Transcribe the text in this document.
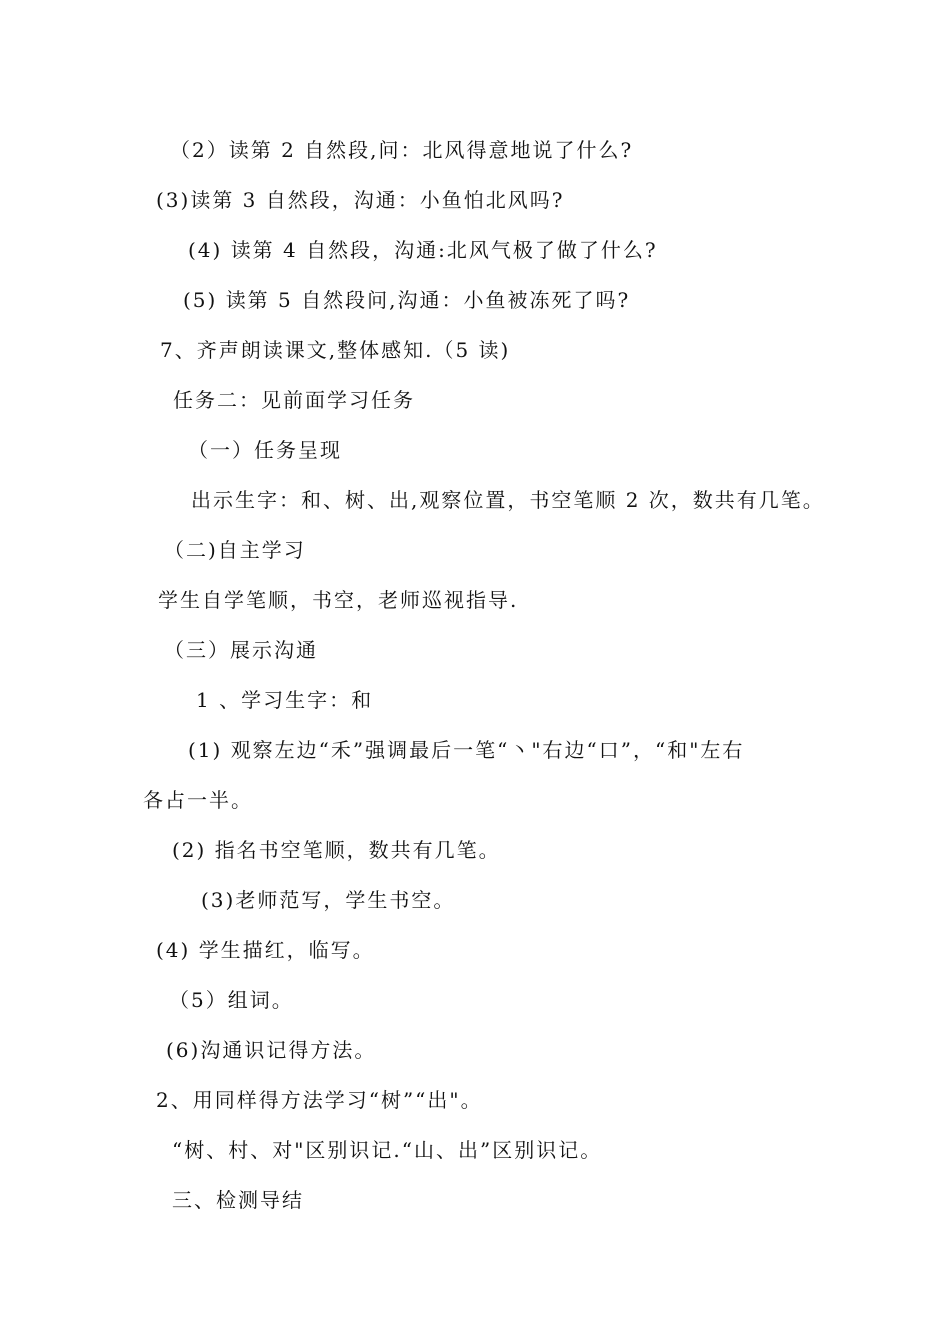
（2）读第 2 自然段,问：北风得意地说了什么?
(3)读第 3 自然段，沟通：小鱼怕北风吗?
(4) 读第 4 自然段，沟通:北风气极了做了什么?
(5) 读第 5 自然段问,沟通：小鱼被冻死了吗?
7、齐声朗读课文,整体感知.（5 读)
任务二：见前面学习任务
（一）任务呈现
出示生字：和、树、出,观察位置，书空笔顺 2 次，数共有几笔。
（二)自主学习
学生自学笔顺，书空，老师巡视指导.
（三）展示沟通
1 、学习生字：和
(1) 观察左边“禾”强调最后一笔“丶"右边“口”，“和"左右
各占一半。
(2) 指名书空笔顺，数共有几笔。
(3)老师范写，学生书空。
(4) 学生描红，临写。
（5）组词。
(6)沟通识记得方法。
2、用同样得方法学习“树”“出"。
“树、村、对"区别识记.“山、出”区别识记。
三、检测导结
